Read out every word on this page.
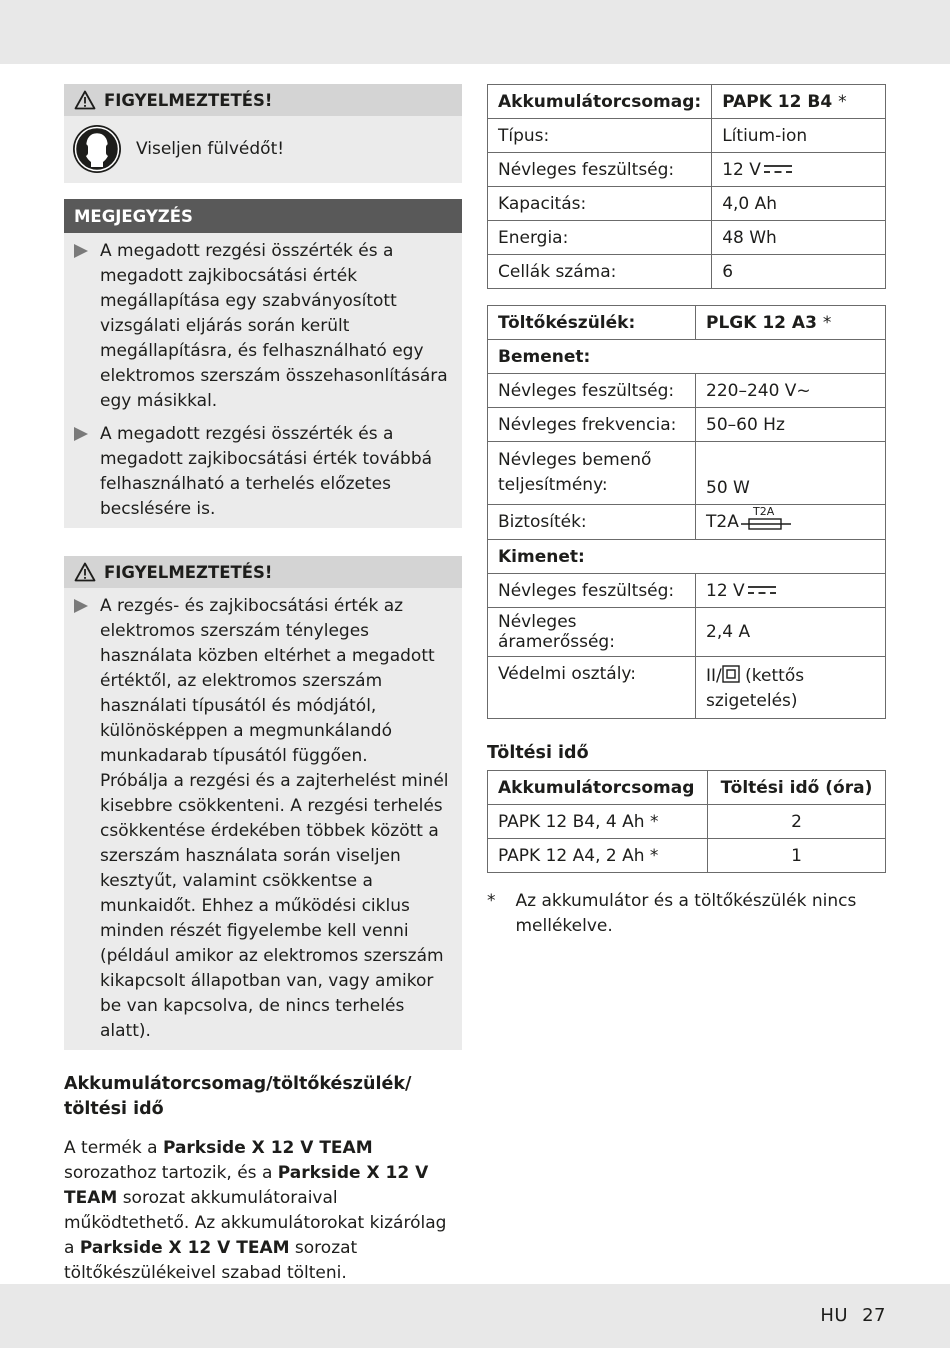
FIGYELMEZTETÉS!
Viseljen fülvédőt!
MEGJEGYZÉS
A megadott rezgési összérték és a megadott zajkibocsátási érték megállapítása egy szabványosított vizsgálati eljárás során került megállapításra, és felhasználható egy elektromos szerszám összehasonlítására egy másikkal.
A megadott rezgési összérték és a megadott zajkibocsátási érték továbbá felhasználható a terhelés előzetes becslésére is.
FIGYELMEZTETÉS!
A rezgés- és zajkibocsátási érték az elektromos szerszám tényleges használata közben eltérhet a megadott értéktől, az elektromos szerszám használati típusától és módjától, különösképpen a megmunkálandó munkadarab típusától függően.
Próbálja a rezgési és a zajterhelést minél kisebbre csökkenteni. A rezgési terhelés csökkentése érdekében többek között a szerszám használata során viseljen kesztyűt, valamint csökkentse a munkaidőt. Ehhez a működési ciklus minden részét figyelembe kell venni (például amikor az elektromos szerszám kikapcsolt állapotban van, vagy amikor be van kapcsolva, de nincs terhelés alatt).
Akkumulátorcsomag/töltőkészülék/ töltési idő

A termék a Parkside X 12 V TEAM sorozathoz tartozik, és a Parkside X 12 V TEAM sorozat akkumulátoraival működtethető. Az akkumulátorokat kizárólag a Parkside X 12 V TEAM sorozat töltőkészülékeivel szabad tölteni.

Akkumulátorcsomag:	PAPK 12 B4 *
Típus:	Lítium-ion
Névleges feszültség:	12 V
Kapacitás:	4,0 Ah
Energia:	48 Wh
Cellák száma:	6
Töltőkészülék:	PLGK 12 A3 *
Bemenet:	
Névleges feszültség:	220–240 V~
Névleges frekvencia:	50–60 Hz
Névleges bemenő teljesítmény:	50 W
Biztosíték:	T2A
T2A

Kimenet:	
Névleges feszültség:	12 V
Névleges áramerősség:	2,4 A
Védelmi osztály:	II/ (kettős szigetelés)
Töltési idő
Akkumulátorcsomag	Töltési idő (óra)
PAPK 12 B4, 4 Ah *	2
PAPK 12 A4, 2 Ah *	1
* Az akkumulátor és a töltőkészülék nincs mellékelve.
HU 27
